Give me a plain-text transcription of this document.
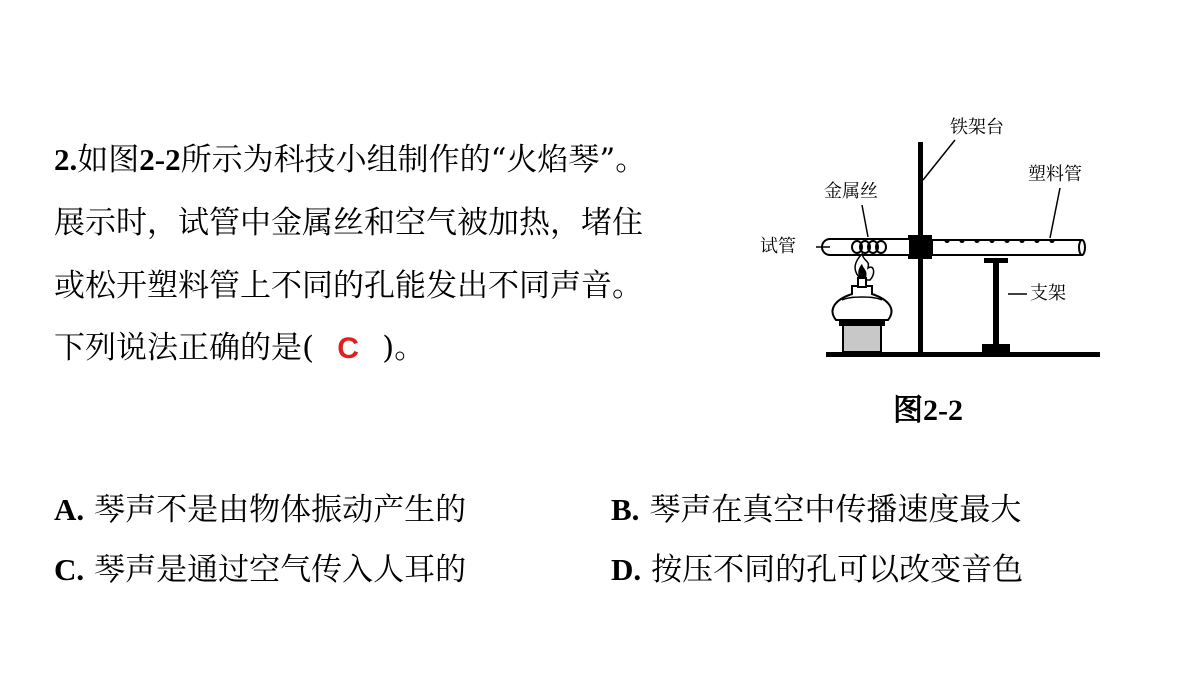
2.如图2-2所示为科技小组制作的“火焰琴”。
展示时，试管中金属丝和空气被加热，堵住
或松开塑料管上不同的孔能发出不同声音。
下列说法正确的是( C )。
铁架台
金属丝
塑料管
试管
支架
图2-2
A. 琴声不是由物体振动产生的	B. 琴声在真空中传播速度最大
C. 琴声是通过空气传入人耳的	D. 按压不同的孔可以改变音色
